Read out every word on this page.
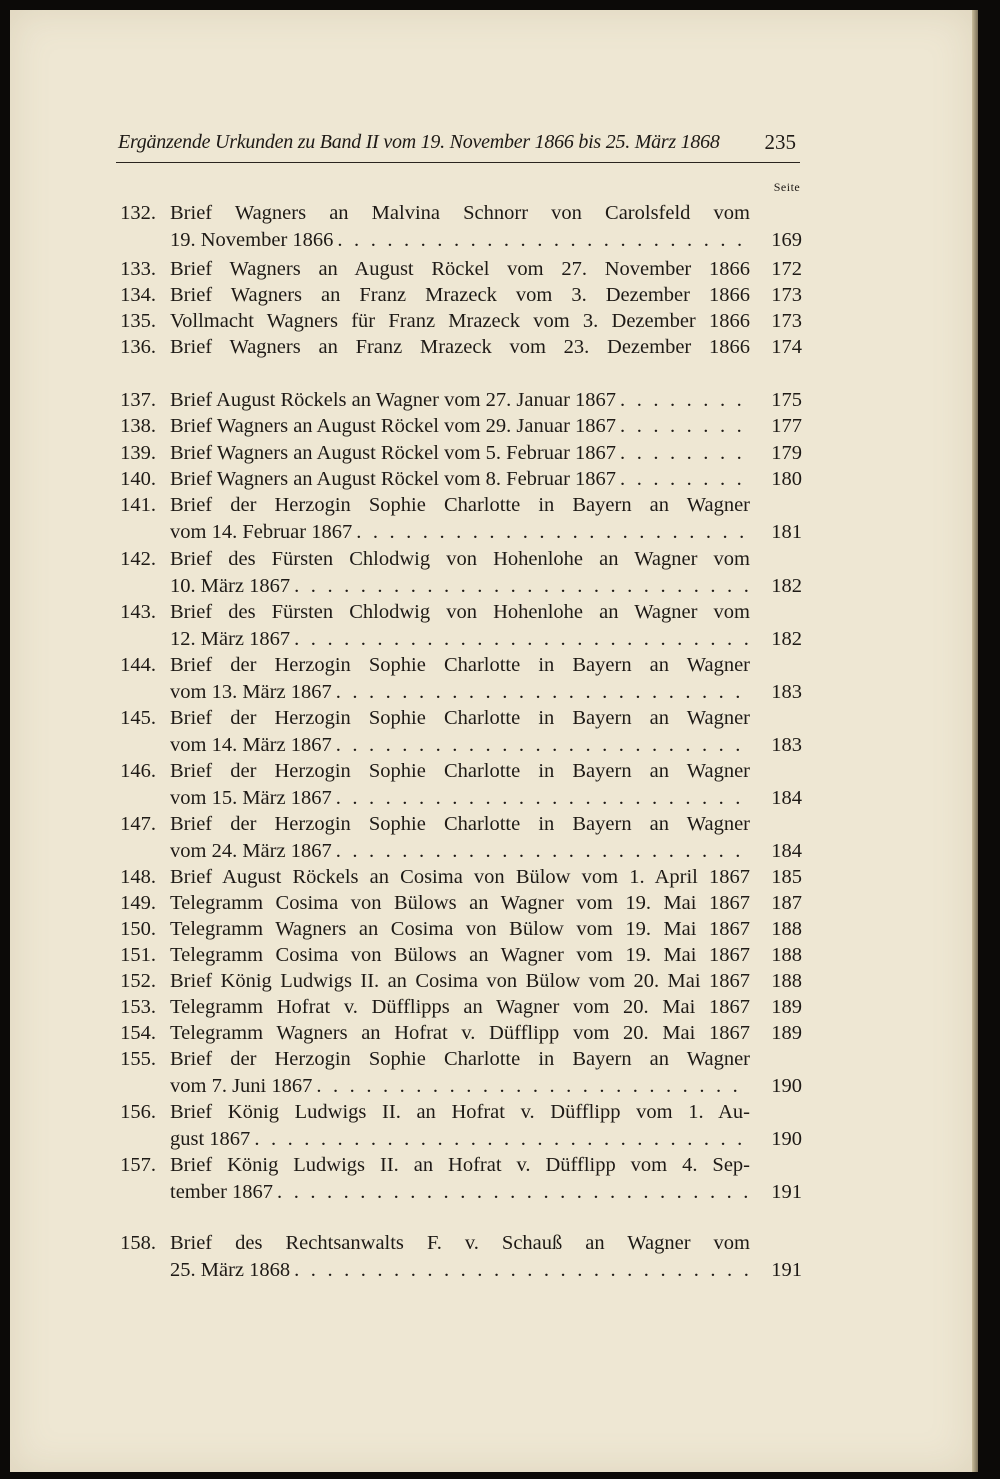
Ergänzende Urkunden zu Band II vom 19. November 1866 bis 25. März 1868 235
Seite
132. Brief Wagners an Malvina Schnorr von Carolsfeld vom
19. November 1866 . . .	169
133. Brief Wagners an August Röckel vom 27. November 1866	172
134. Brief Wagners an Franz Mrazeck vom 3. Dezember 1866	173
135. Vollmacht Wagners für Franz Mrazeck vom 3. Dezember 1866	173
136. Brief Wagners an Franz Mrazeck vom 23. Dezember 1866	174
137. Brief August Röckels an Wagner vom 27. Januar 1867 . . .	175
138. Brief Wagners an August Röckel vom 29. Januar 1867 . . .	177
139. Brief Wagners an August Röckel vom 5. Februar 1867 . . .	179
140. Brief Wagners an August Röckel vom 8. Februar 1867 . . .	180
141. Brief der Herzogin Sophie Charlotte in Bayern an Wagner
vom 14. Februar 1867 . . .	181
142. Brief des Fürsten Chlodwig von Hohenlohe an Wagner vom
10. März 1867 . . .	182
143. Brief des Fürsten Chlodwig von Hohenlohe an Wagner vom
12. März 1867 . . .	182
144. Brief der Herzogin Sophie Charlotte in Bayern an Wagner
vom 13. März 1867 . . .	183
145. Brief der Herzogin Sophie Charlotte in Bayern an Wagner
vom 14. März 1867 . . .	183
146. Brief der Herzogin Sophie Charlotte in Bayern an Wagner
vom 15. März 1867 . . .	184
147. Brief der Herzogin Sophie Charlotte in Bayern an Wagner
vom 24. März 1867 . . .	184
148. Brief August Röckels an Cosima von Bülow vom 1. April 1867	185
149. Telegramm Cosima von Bülows an Wagner vom 19. Mai 1867	187
150. Telegramm Wagners an Cosima von Bülow vom 19. Mai 1867	188
151. Telegramm Cosima von Bülows an Wagner vom 19. Mai 1867	188
152. Brief König Ludwigs II. an Cosima von Bülow vom 20. Mai 1867	188
153. Telegramm Hofrat v. Düfflipps an Wagner vom 20. Mai 1867	189
154. Telegramm Wagners an Hofrat v. Düfflipp vom 20. Mai 1867	189
155. Brief der Herzogin Sophie Charlotte in Bayern an Wagner
vom 7. Juni 1867 . . .	190
156. Brief König Ludwigs II. an Hofrat v. Düfflipp vom 1. Au-
gust 1867 . . .	190
157. Brief König Ludwigs II. an Hofrat v. Düfflipp vom 4. Sep-
tember 1867 . . .	191
158. Brief des Rechtsanwalts F. v. Schauß an Wagner vom
25. März 1868 . . .	191
